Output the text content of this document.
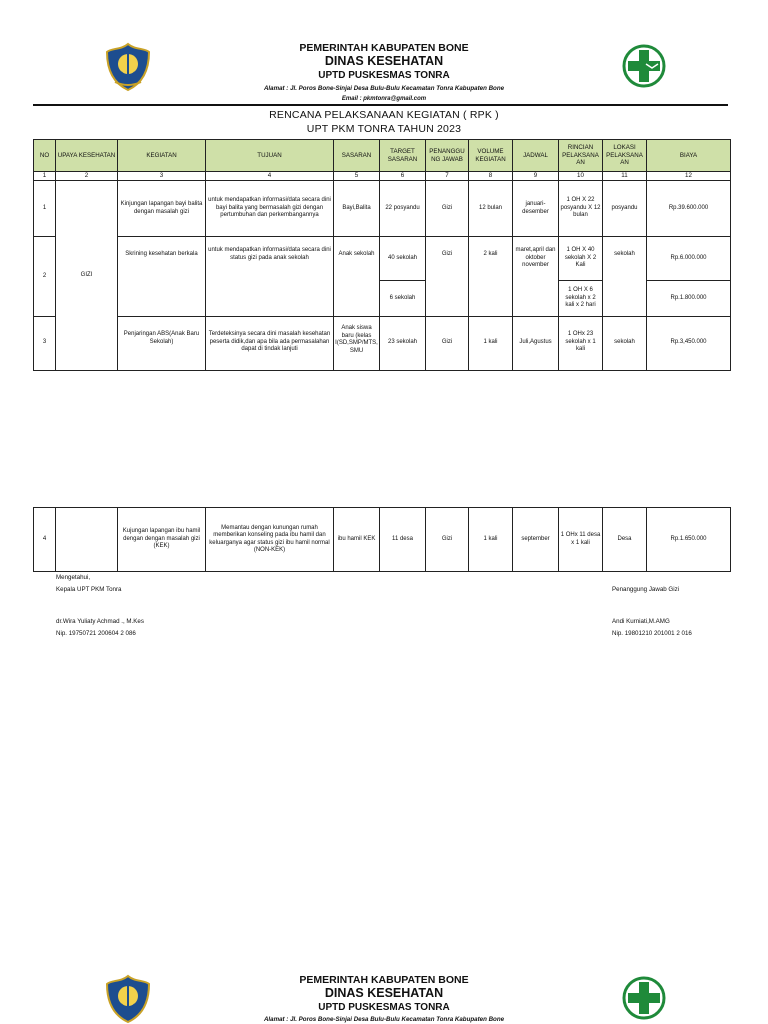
PEMERINTAH KABUPATEN BONE
DINAS KESEHATAN
UPTD PUSKESMAS TONRA
Alamat : Jl. Poros Bone-Sinjai Desa Bulu-Bulu Kecamatan Tonra Kabupaten Bone
Email : pkmtonra@gmail.com
RENCANA PELAKSANAAN KEGIATAN ( RPK )
UPT PKM TONRA TAHUN 2023
NO	UPAYA KESEHATAN	KEGIATAN	TUJUAN	SASARAN	TARGET SASARAN	PENANGGU NG JAWAB	VOLUME KEGIATAN	JADWAL	RINCIAN PELAKSANA AN	LOKASI PELAKSANA AN	BIAYA
1	2	3	4	5	6	7	8	9	10	11	12
1	GIZI	Kinjungan lapangan bayi balita dengan masalah gizi	untuk mendapatkan informasi/data secara dini bayi balita yang bermasalah gizi dengan pertumbuhan dan perkembangannya	Bayi,Balita	22 posyandu	Gizi	12 bulan	januari-desember	1 OH X 22 posyandu X 12 bulan	posyandu	Rp.39.600.000
2		Skrining kesehatan berkala	untuk mendapatkan informasi/data secara dini status gizi pada anak sekolah	Anak sekolah	40 sekolah	Gizi	2 kali	maret,april dan oktober november	1 OH X 40 sekolah X 2 Kali	sekolah	Rp.6.000.000
					6 sekolah				1 OH X 6 sekolah x 2 kali x 2 hari		Rp.1.800.000
3		Penjaringan ABS(Anak Baru Sekolah)	Terdeteksinya secara dini masalah kesehatan peserta didik,dan apa bila ada permasalahan dapat di tindak lanjuti	Anak siswa baru (kelas I(SD,SMP/MTS, SMU	23 sekolah	Gizi	1 kali	Juli,Agustus	1 OHx 23 sekolah x 1 kali	sekolah	Rp.3,450.000
4		Kujungan lapangan ibu hamil dengan dengan masalah gizi (KEK)	Memantau dengan kunungan rumah memberikan konseling pada ibu hamil dan keluarganya agar status gizi ibu hamil normal (NON-KEK)	ibu hamil KEK	11 desa	Gizi	1 kali	september	1 OHx 11 desa x 1 kali	Desa	Rp.1.650.000
Mengetahui,
Kepala UPT PKM Tonra
dr.Wira Yuliaty Achmad ., M.Kes
Nip. 19750721 200604 2 086
Penanggung Jawab Gizi
Andi Kurniati,M.AMG
Nip. 19801210 201001 2 016
PEMERINTAH KABUPATEN BONE
DINAS KESEHATAN
UPTD PUSKESMAS TONRA
Alamat : Jl. Poros Bone-Sinjai Desa Bulu-Bulu Kecamatan Tonra Kabupaten Bone
